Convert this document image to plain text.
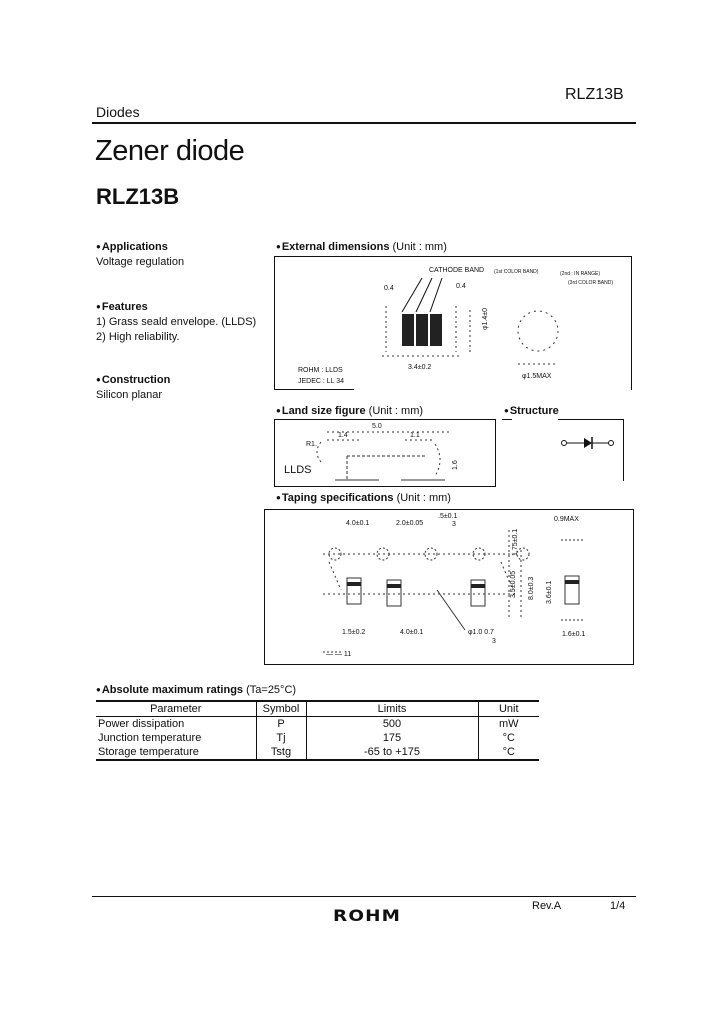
Diodes
RLZ13B
Zener diode
RLZ13B
● Applications
Voltage regulation
● Features
1) Grass seald envelope. (LLDS)
2) High reliability.
● Construction
Silicon planar
● External dimensions (Unit : mm)
CATHODE BAND (1st COLOR BAND)	(2nd : IN RANGE)
(3rd COLOR BAND)
0.4	0.4
φ1.4±0
3.4±0.2
ROHM : LLDS
JEDEC : LL 34
φ1.5MAX
● Land size figure (Unit : mm)
5.0
1.4	1.1
R1.
1.6
LLDS
● Structure
● Taping specifications (Unit : mm)
4.0±0.1	2.0±0.05
.5±0.1
3
0.9MAX
1.75±0.1
3.5±0.05 8.0±0.3 3.6±0.1
1.5±0.2	4.0±0.1	φ1.0 0.7
3
1.6±0.1
— — 11
● Absolute maximum ratings (Ta=25°C)
Parameter	Symbol	Limits	Unit
Power dissipation	P	500	mW
Junction temperature	Tj	175	°C
Storage temperature	Tstg	-65 to +175	°C
Rev.A	1/4
ROHM
